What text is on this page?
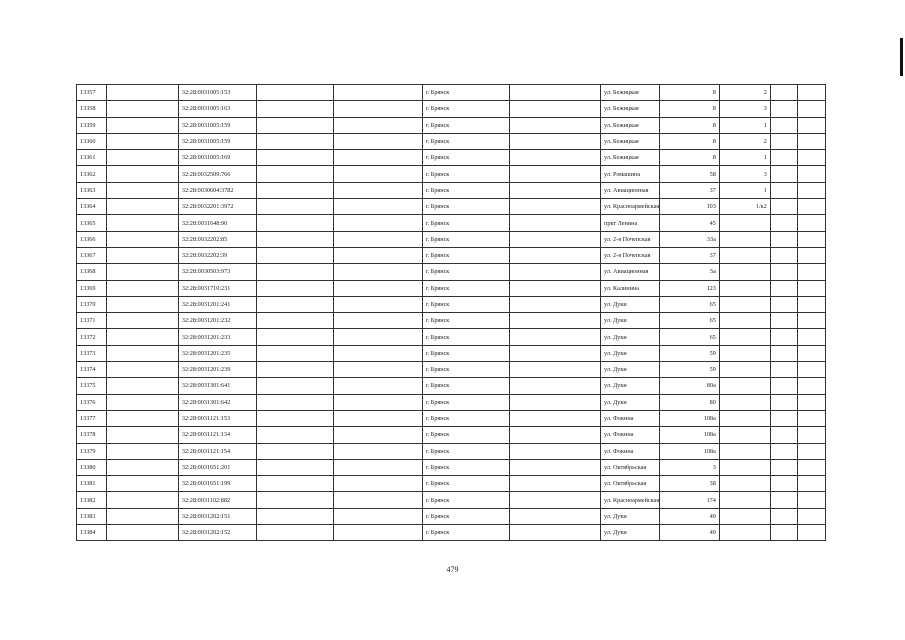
13357		32:28:0031005:153			г. Брянск		ул. Бежицкая	8	2		
13358		32:28:0031005:163			г. Брянск		ул. Бежицкая	8	3		
13359		32:28:0031005:159			г. Брянск		ул. Бежицкая	8	1		
13360		32:28:0031005:159			г. Брянск		ул. Бежицкая	8	2		
13361		32:28:0031005:169			г. Брянск		ул. Бежицкая	8	1		
13362		32:28:0032509:766			г. Брянск		ул. Ромашина	58	3		
13363		32:28:0030604:3782			г. Брянск		ул. Авиационная	37	1		
13364		32:28:0032201:3972			г. Брянск		ул. Красноармейская	103	1/к2		
13365		32:28:0031648:90			г. Брянск		пркт Ленина	45			
13366		32:28:0032202:85			г. Брянск		ул. 2-я Почепская	33а			
13367		32:28:0032202:39			г. Брянск		ул. 2-я Почепская	37			
13368		32:28:0030503:973			г. Брянск		ул. Авиационная	5а			
13369		32:28:0031710:231			г. Брянск		ул. Калинина	123			
13370		32:28:0031201:241			г. Брянск		ул. Дуки	65			
13371		32:28:0031201:232			г. Брянск		ул. Дуки	65			
13372		32:28:0031201:233			г. Брянск		ул. Дуки	65			
13373		32:28:0031201:235			г. Брянск		ул. Дуки	59			
13374		32:28:0031201:239			г. Брянск		ул. Дуки	59			
13375		32:28:0031301:641			г. Брянск		ул. Дуки	80а			
13376		32:28:0031301:642			г. Брянск		ул. Дуки	80			
13377		32:28:0031121:153			г. Брянск		ул. Фокина	108а			
13378		32:28:0031121:134			г. Брянск		ул. Фокина	108а			
13379		32:28:0031121:154			г. Брянск		ул. Фокина	108а			
13380		32:28:0031651:201			г. Брянск		ул. Октябрьская	3			
13381		32:28:0031651:199			г. Брянск		ул. Октябрьская	38			
13382		32:28:0031102:882			г. Брянск		ул. Красноармейская	174			
13383		32:28:0031202:151			г. Брянск		ул. Дуки	49			
13384		32:28:0031202:152			г. Брянск		ул. Дуки	49			
479
